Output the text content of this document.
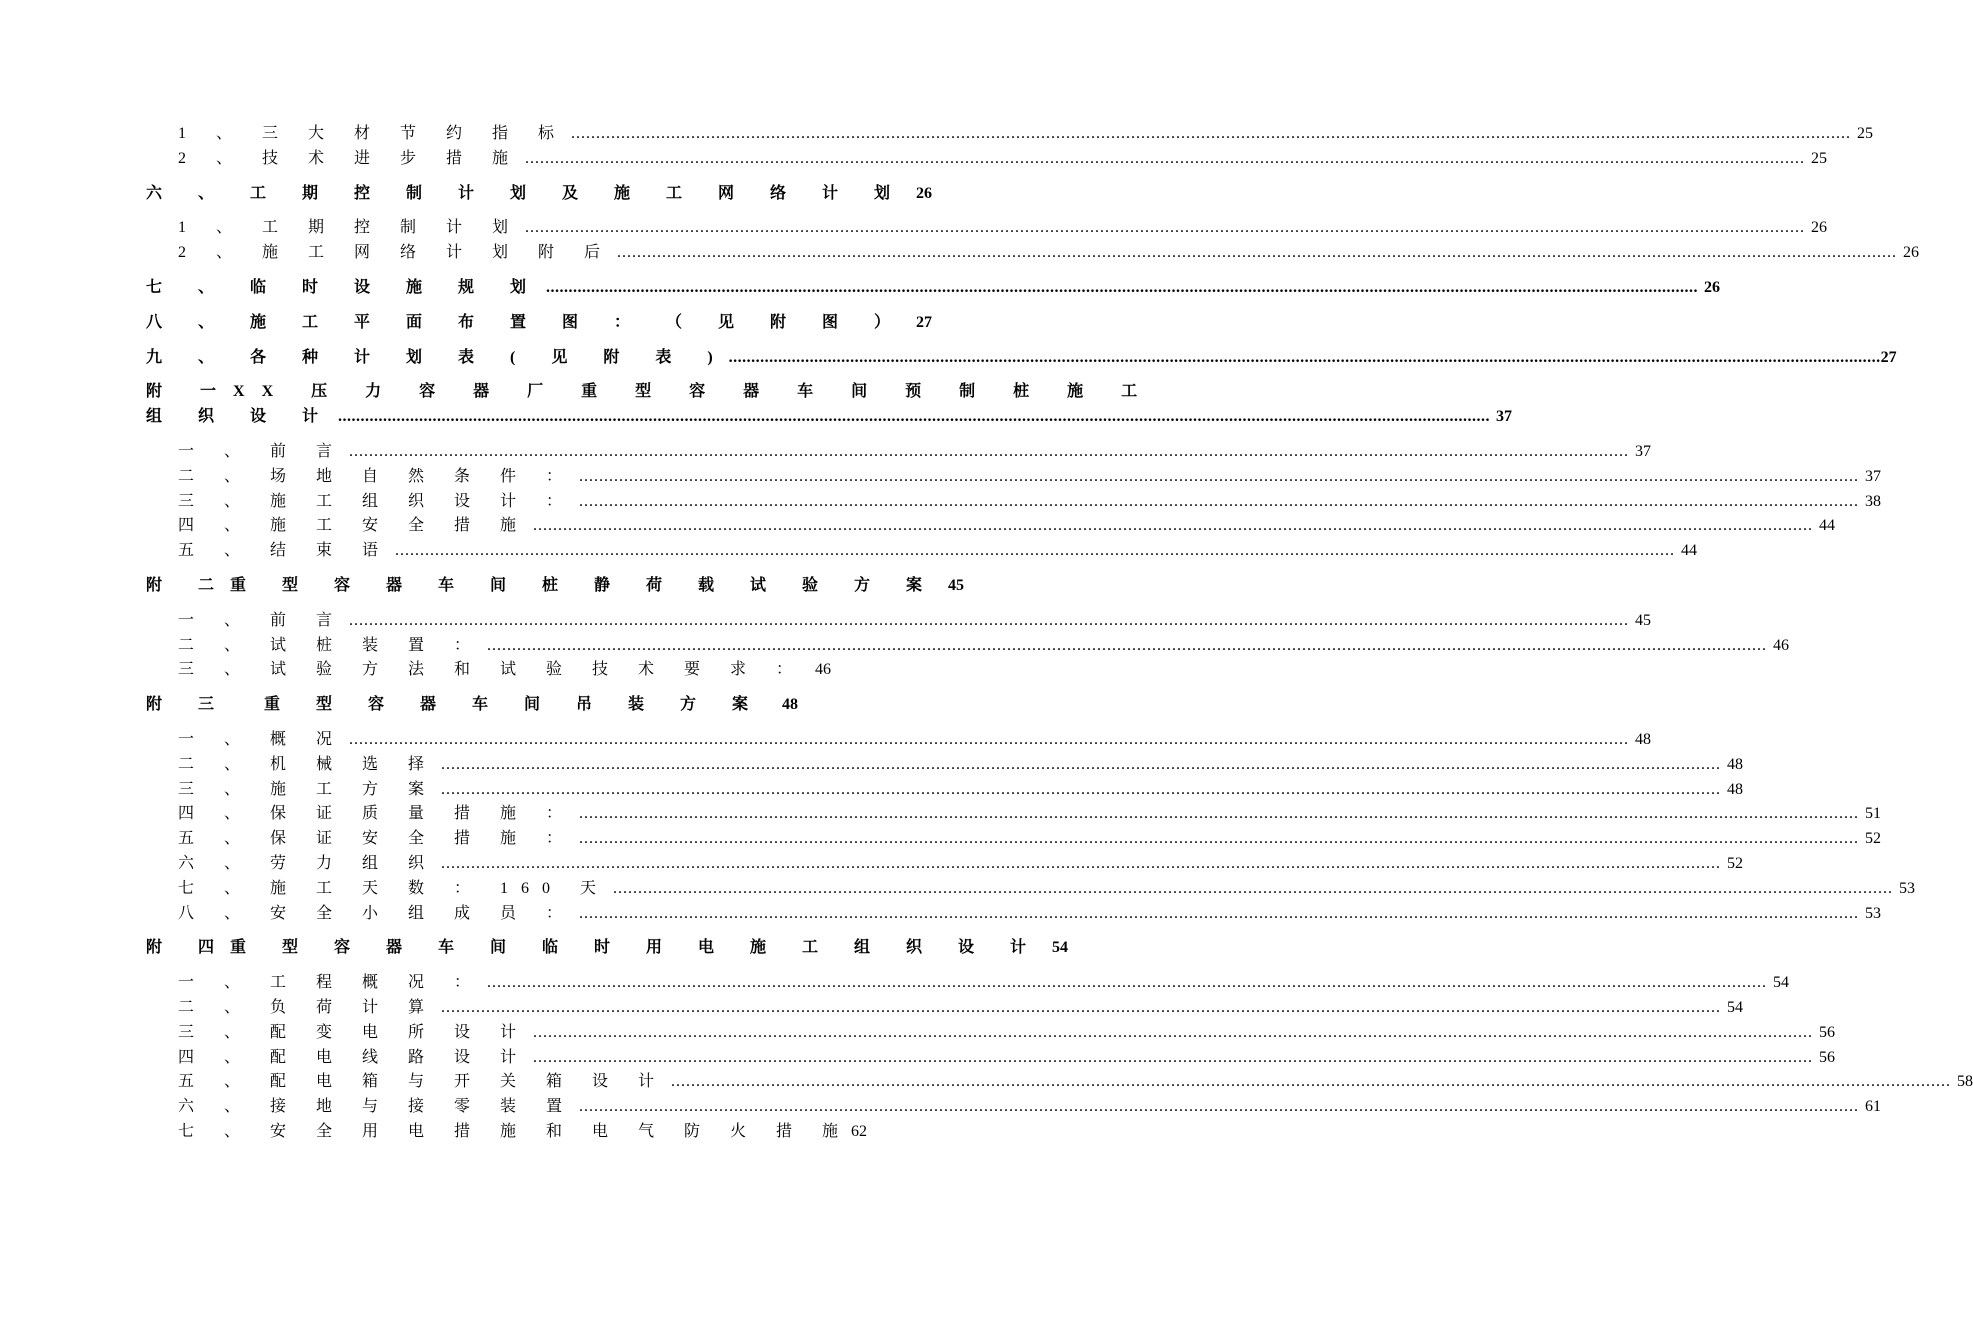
1 、 三 大 材 节 约 指 标 .....	25
2 、 技 术 进 步 措 施 .....	25
六 、 工 期 控 制 计 划 及 施 工 网 络 计 划 26
1 、 工 期 控 制 计 划 .....	26
2 、 施 工 网 络 计 划 附 后 .....	26
七 、 临 时 设 施 规 划 .....	26
八 、 施 工 平 面 布 置 图 ： （ 见 附 图 ） 27
九 、 各 种 计 划 表 ( 见 附 表 ) .....	27
附 一 XX 压 力 容 器 厂 重 型 容 器 车 间 预 制 桩 施 工
组 织 设 计 .....	37
一 、 前 言 .....	37
二 、 场 地 自 然 条 件 ： .....	37
三 、 施 工 组 织 设 计 ： .....	38
四 、 施 工 安 全 措 施 .....	44
五 、 结 束 语 .....	44
附 二 重 型 容 器 车 间 桩 静 荷 载 试 验 方 案 45
一 、 前 言 .....	45
二 、 试 桩 装 置 ： .....	46
三 、 试 验 方 法 和 试 验 技 术 要 求 ： 46
附 三 重 型 容 器 车 间 吊 装 方 案	48
一 、 概 况 .....	48
二 、 机 械 选 择 .....	48
三 、 施 工 方 案 .....	48
四 、 保 证 质 量 措 施 ： .....	51
五 、 保 证 安 全 措 施 ： .....	52
六 、 劳 力 组 织 .....	52
七 、 施 工 天 数 ： 160 天 .....	53
八 、 安 全 小 组 成 员 ： .....	53
附 四 重 型 容 器 车 间 临 时 用 电 施 工 组 织 设 计 54
一 、 工 程 概 况 ： .....	54
二 、 负 荷 计 算 .....	54
三 、 配 变 电 所 设 计 .....	56
四 、 配 电 线 路 设 计 .....	56
五 、 配 电 箱 与 开 关 箱 设 计 .....	58
六 、 接 地 与 接 零 装 置 .....	61
七 、 安 全 用 电 措 施 和 电 气 防 火 措 施 62
